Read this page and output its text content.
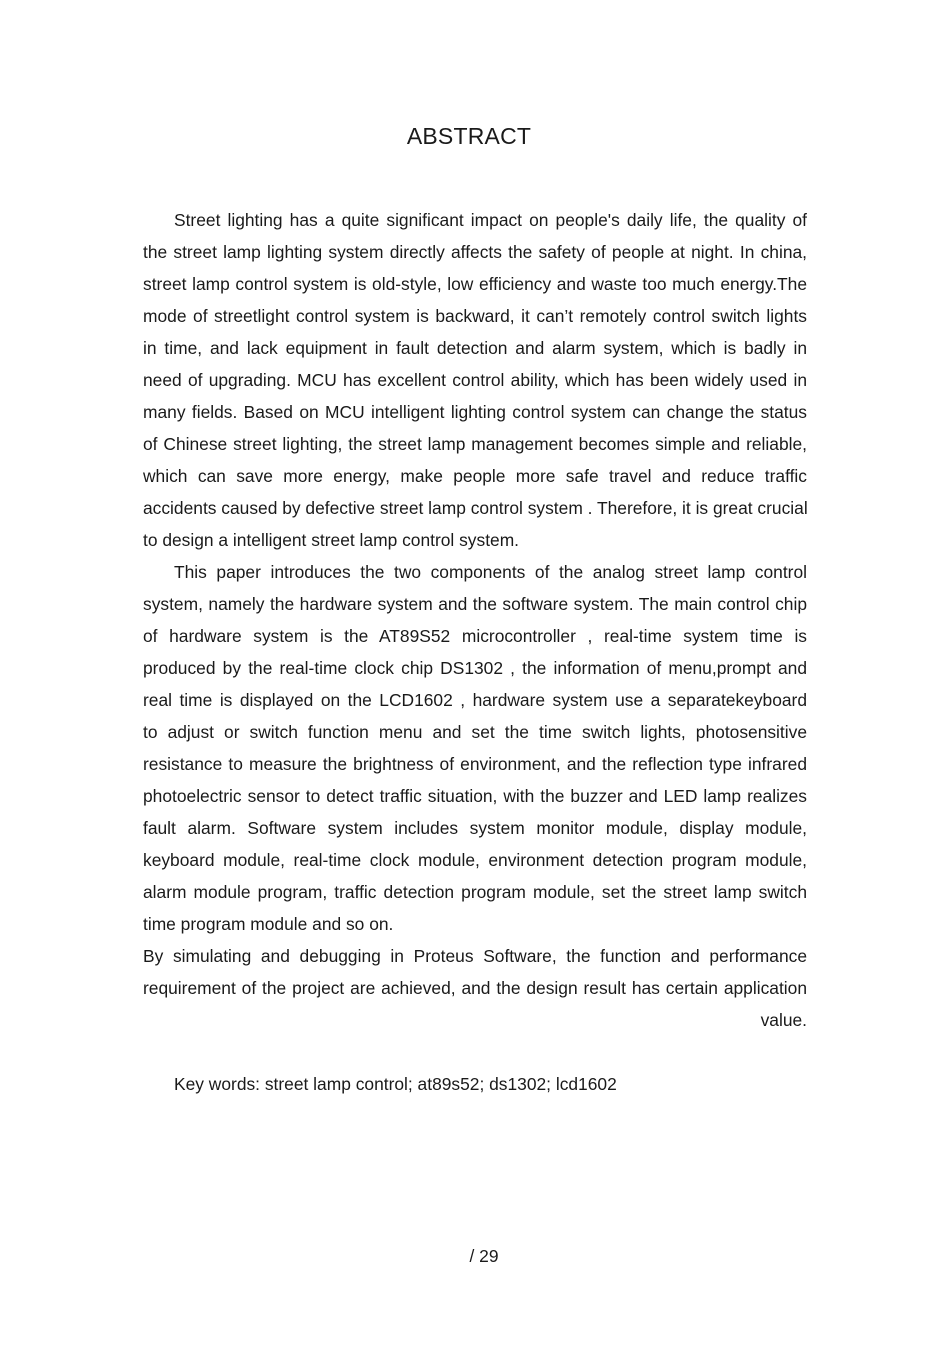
ABSTRACT
Street lighting has a quite significant impact on people's daily life, the quality of
the street lamp lighting system directly affects the safety of people at night. In china,
street lamp control system is old-style, low efficiency and waste too much energy.The
mode of streetlight control system is backward, it can’t remotely control switch lights
in time, and lack equipment in fault detection and alarm system, which is badly in
need of upgrading. MCU has excellent control ability, which has been widely used in
many fields. Based on MCU intelligent lighting control system can change the status
of Chinese street lighting, the street lamp management becomes simple and reliable,
which can save more energy, make people more safe travel and reduce traffic
accidents caused by defective street lamp control system . Therefore, it is great crucial
to design a intelligent street lamp control system.
This paper introduces the two components of the analog street lamp control
system, namely the hardware system and the software system. The main control chip
of hardware system is the AT89S52 microcontroller , real-time system time is
produced by the real-time clock chip DS1302 , the information of menu,prompt and
real time is displayed on the LCD1602 , hardware system use a separatekeyboard
to adjust or switch function menu and set the time switch lights, photosensitive
resistance to measure the brightness of environment, and the reflection type infrared
photoelectric sensor to detect traffic situation, with the buzzer and LED lamp realizes
fault alarm. Software system includes system monitor module, display module,
keyboard module, real-time clock module, environment detection program module,
alarm module program, traffic detection program module, set the street lamp switch
time program module and so on.
By simulating and debugging in Proteus Software, the function and performance
requirement of the project are achieved, and the design result has certain application
value.
Key words: street lamp control; at89s52; ds1302; lcd1602
/ 29
